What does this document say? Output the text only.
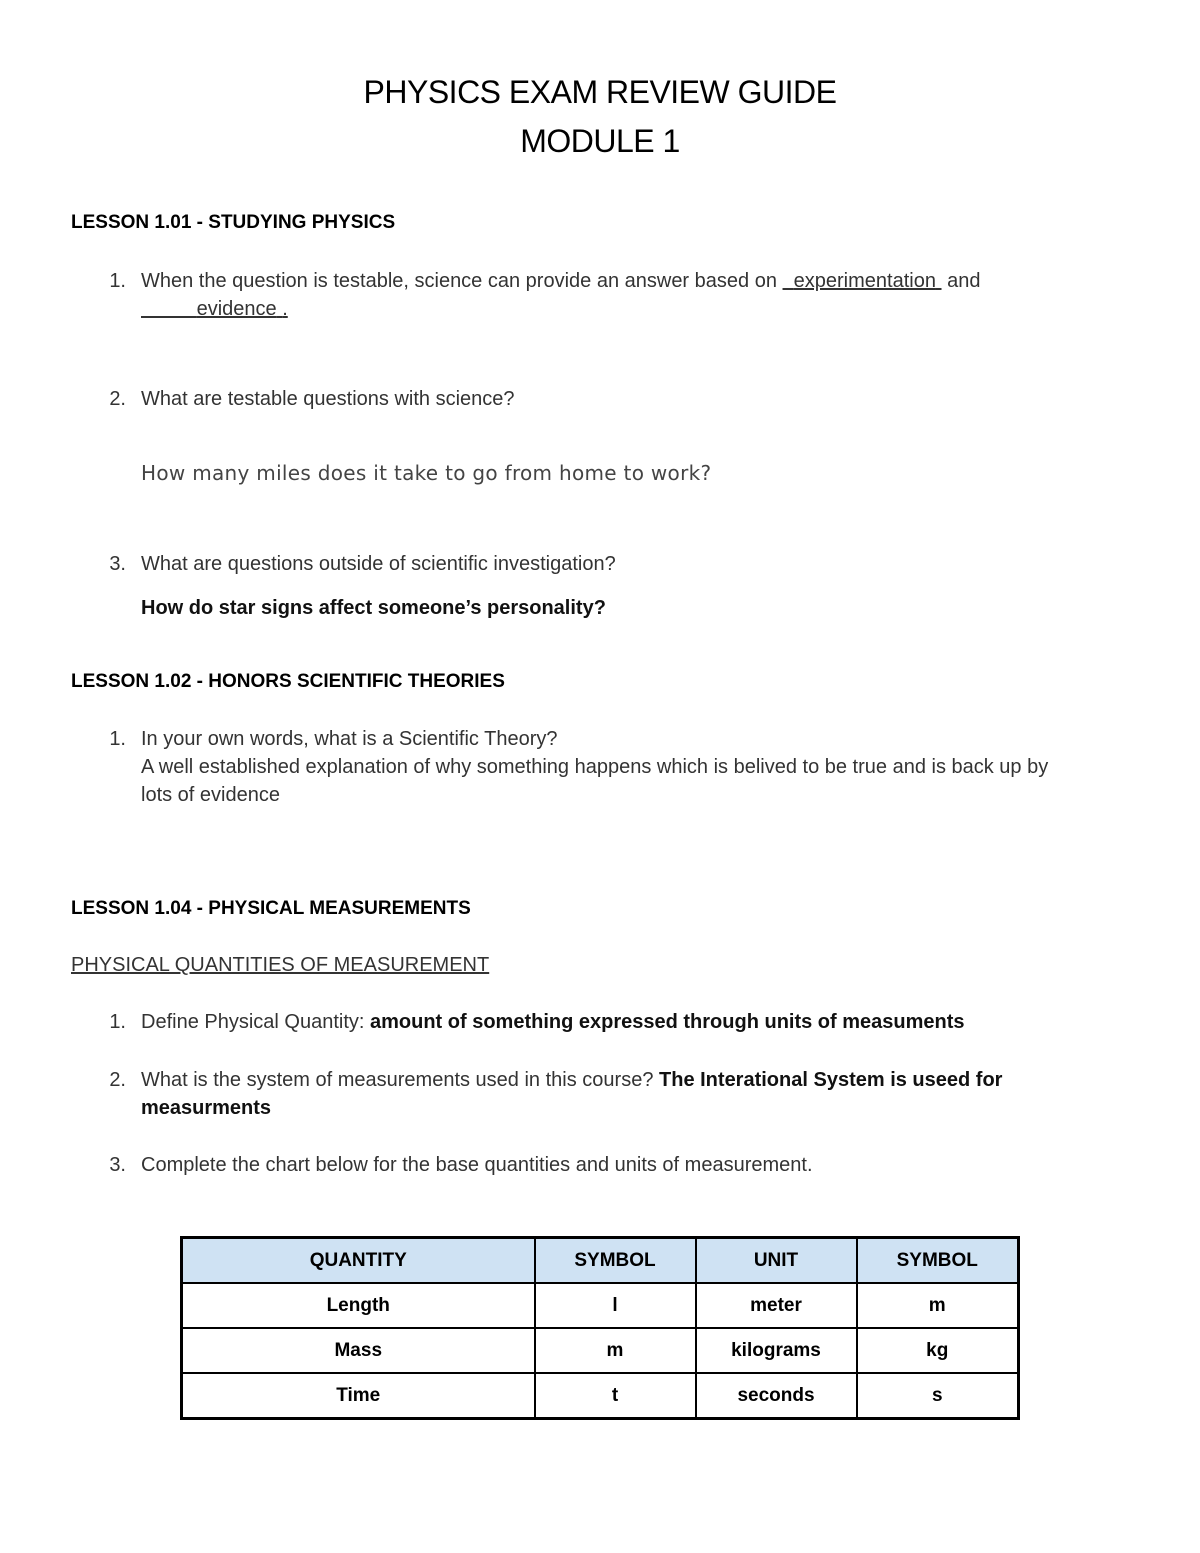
PHYSICS EXAM REVIEW GUIDE
MODULE 1
LESSON 1.01 - STUDYING PHYSICS
1. When the question is testable, science can provide an answer based on experimentation and
evidence .
2. What are testable questions with science?
How many miles does it take to go from home to work?
3. What are questions outside of scientific investigation?
How do star signs affect someone’s personality?
LESSON 1.02 - HONORS SCIENTIFIC THEORIES
1. In your own words, what is a Scientific Theory?
A well established explanation of why something happens which is belived to be true and is back up by
lots of evidence
LESSON 1.04 - PHYSICAL MEASUREMENTS
PHYSICAL QUANTITIES OF MEASUREMENT
1. Define Physical Quantity: amount of something expressed through units of measuments
2. What is the system of measurements used in this course? The Interational System is useed for
measurments
3. Complete the chart below for the base quantities and units of measurement.
QUANTITY	SYMBOL	UNIT	SYMBOL
Length	l	meter	m
Mass	m	kilograms	kg
Time	t	seconds	s
